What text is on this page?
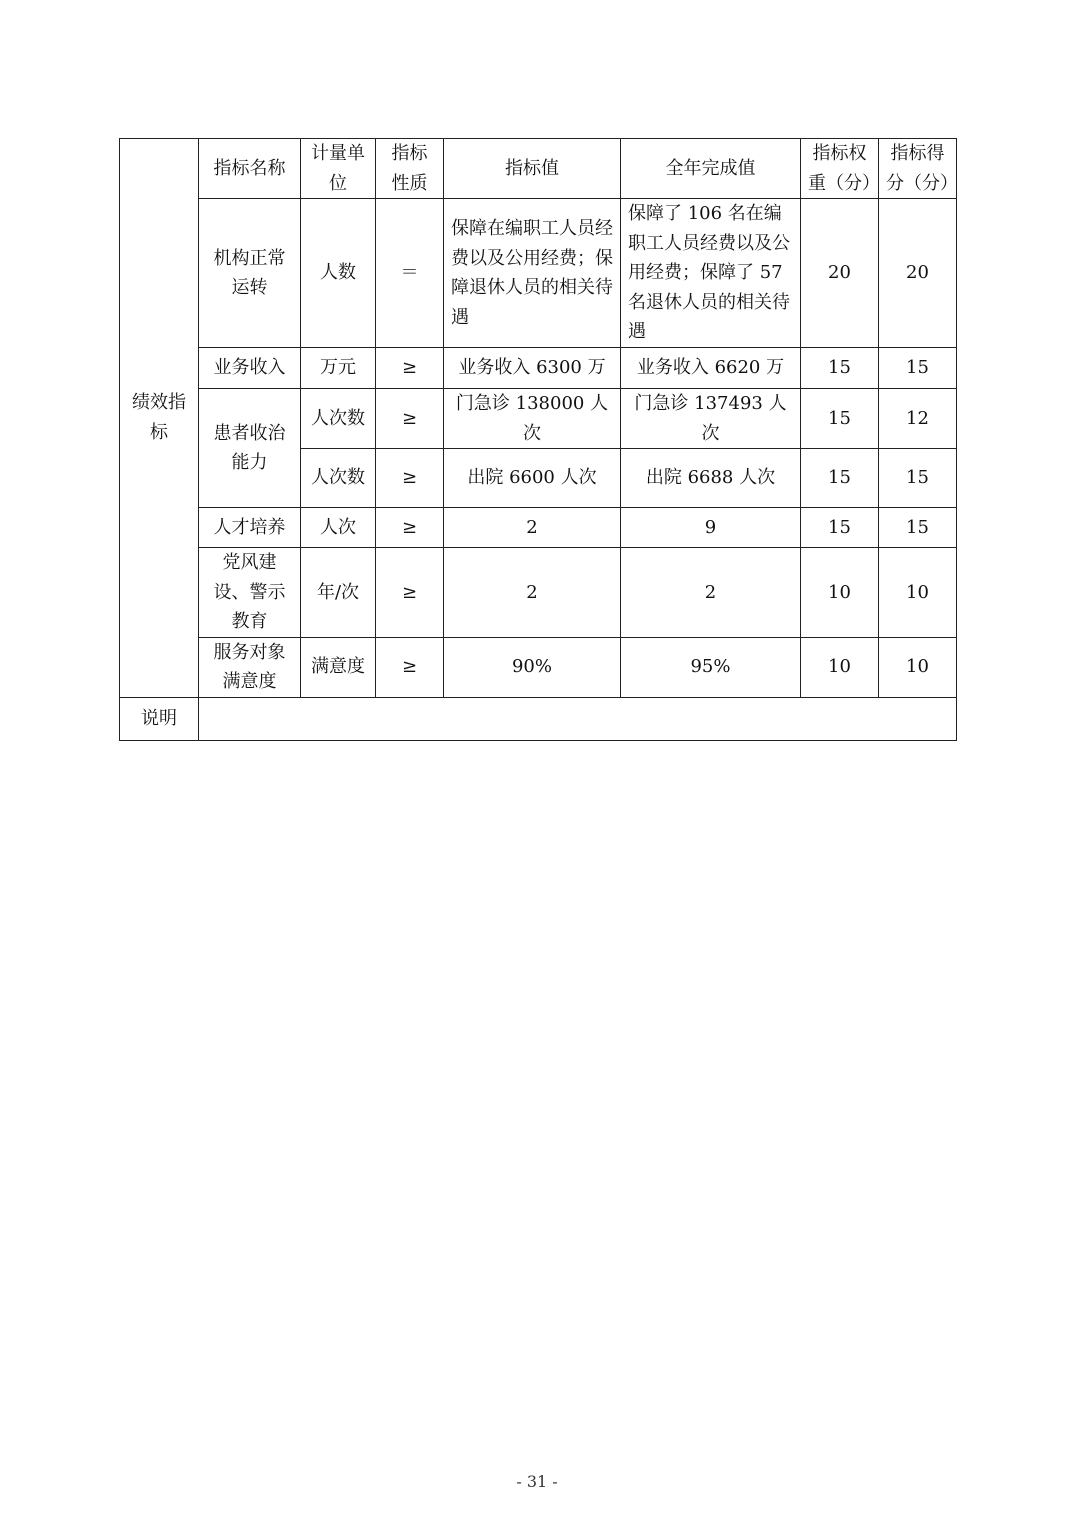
绩效指标	指标名称	计量单位	指标性质	指标值	全年完成值	指标权重（分）	指标得分（分）
	机构正常运转	人数	＝	保障在编职工人员经费以及公用经费；保障退休人员的相关待遇	保障了 106 名在编职工人员经费以及公用经费；保障了 57 名退休人员的相关待遇	20	20
	业务收入	万元	≥	业务收入 6300 万	业务收入 6620 万	15	15
	患者收治能力	人次数	≥	门急诊 138000 人次	门急诊 137493 人次	15	12
		人次数	≥	出院 6600 人次	出院 6688 人次	15	15
	人才培养	人次	≥	2	9	15	15
	党风建设、警示教育	年/次	≥	2	2	10	10
	服务对象满意度	满意度	≥	90%	95%	10	10
说明							
- 31 -
